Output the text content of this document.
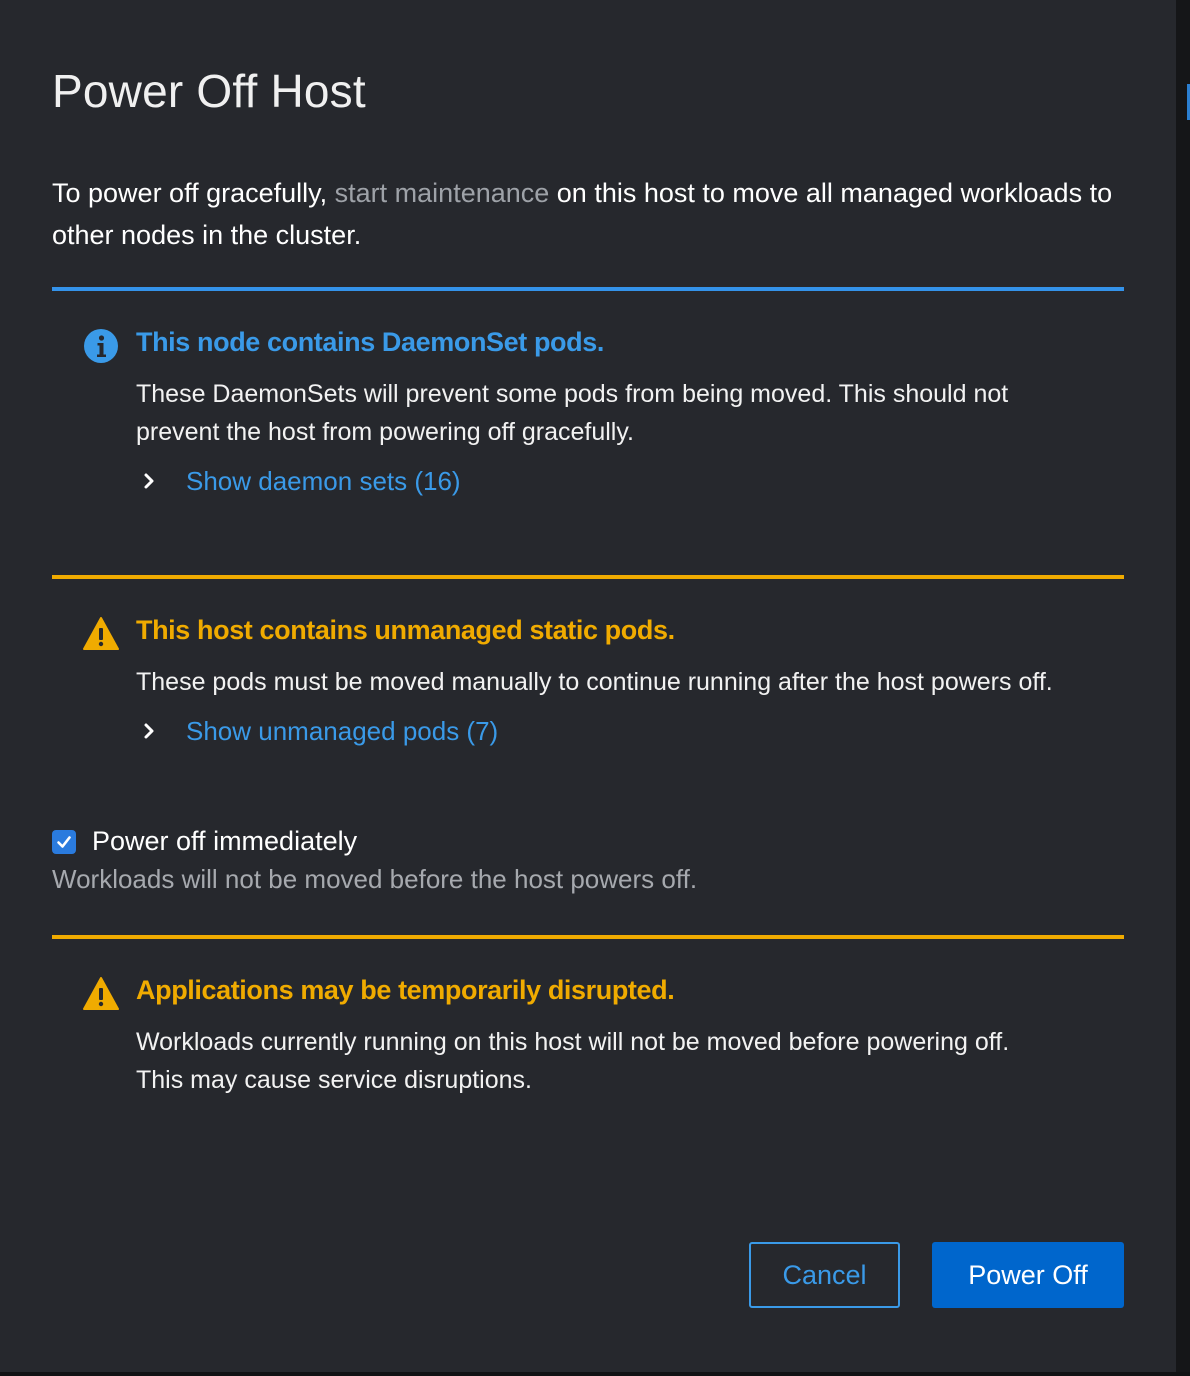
Power Off Host
To power off gracefully, start maintenance on this host to move all managed workloads to other nodes in the cluster.
This node contains DaemonSet pods.
These DaemonSets will prevent some pods from being moved. This should not prevent the host from powering off gracefully.
Show daemon sets (16)
This host contains unmanaged static pods.
These pods must be moved manually to continue running after the host powers off.
Show unmanaged pods (7)
Power off immediately
Workloads will not be moved before the host powers off.
Applications may be temporarily disrupted.
Workloads currently running on this host will not be moved before powering off.
This may cause service disruptions.
Cancel	Power Off
